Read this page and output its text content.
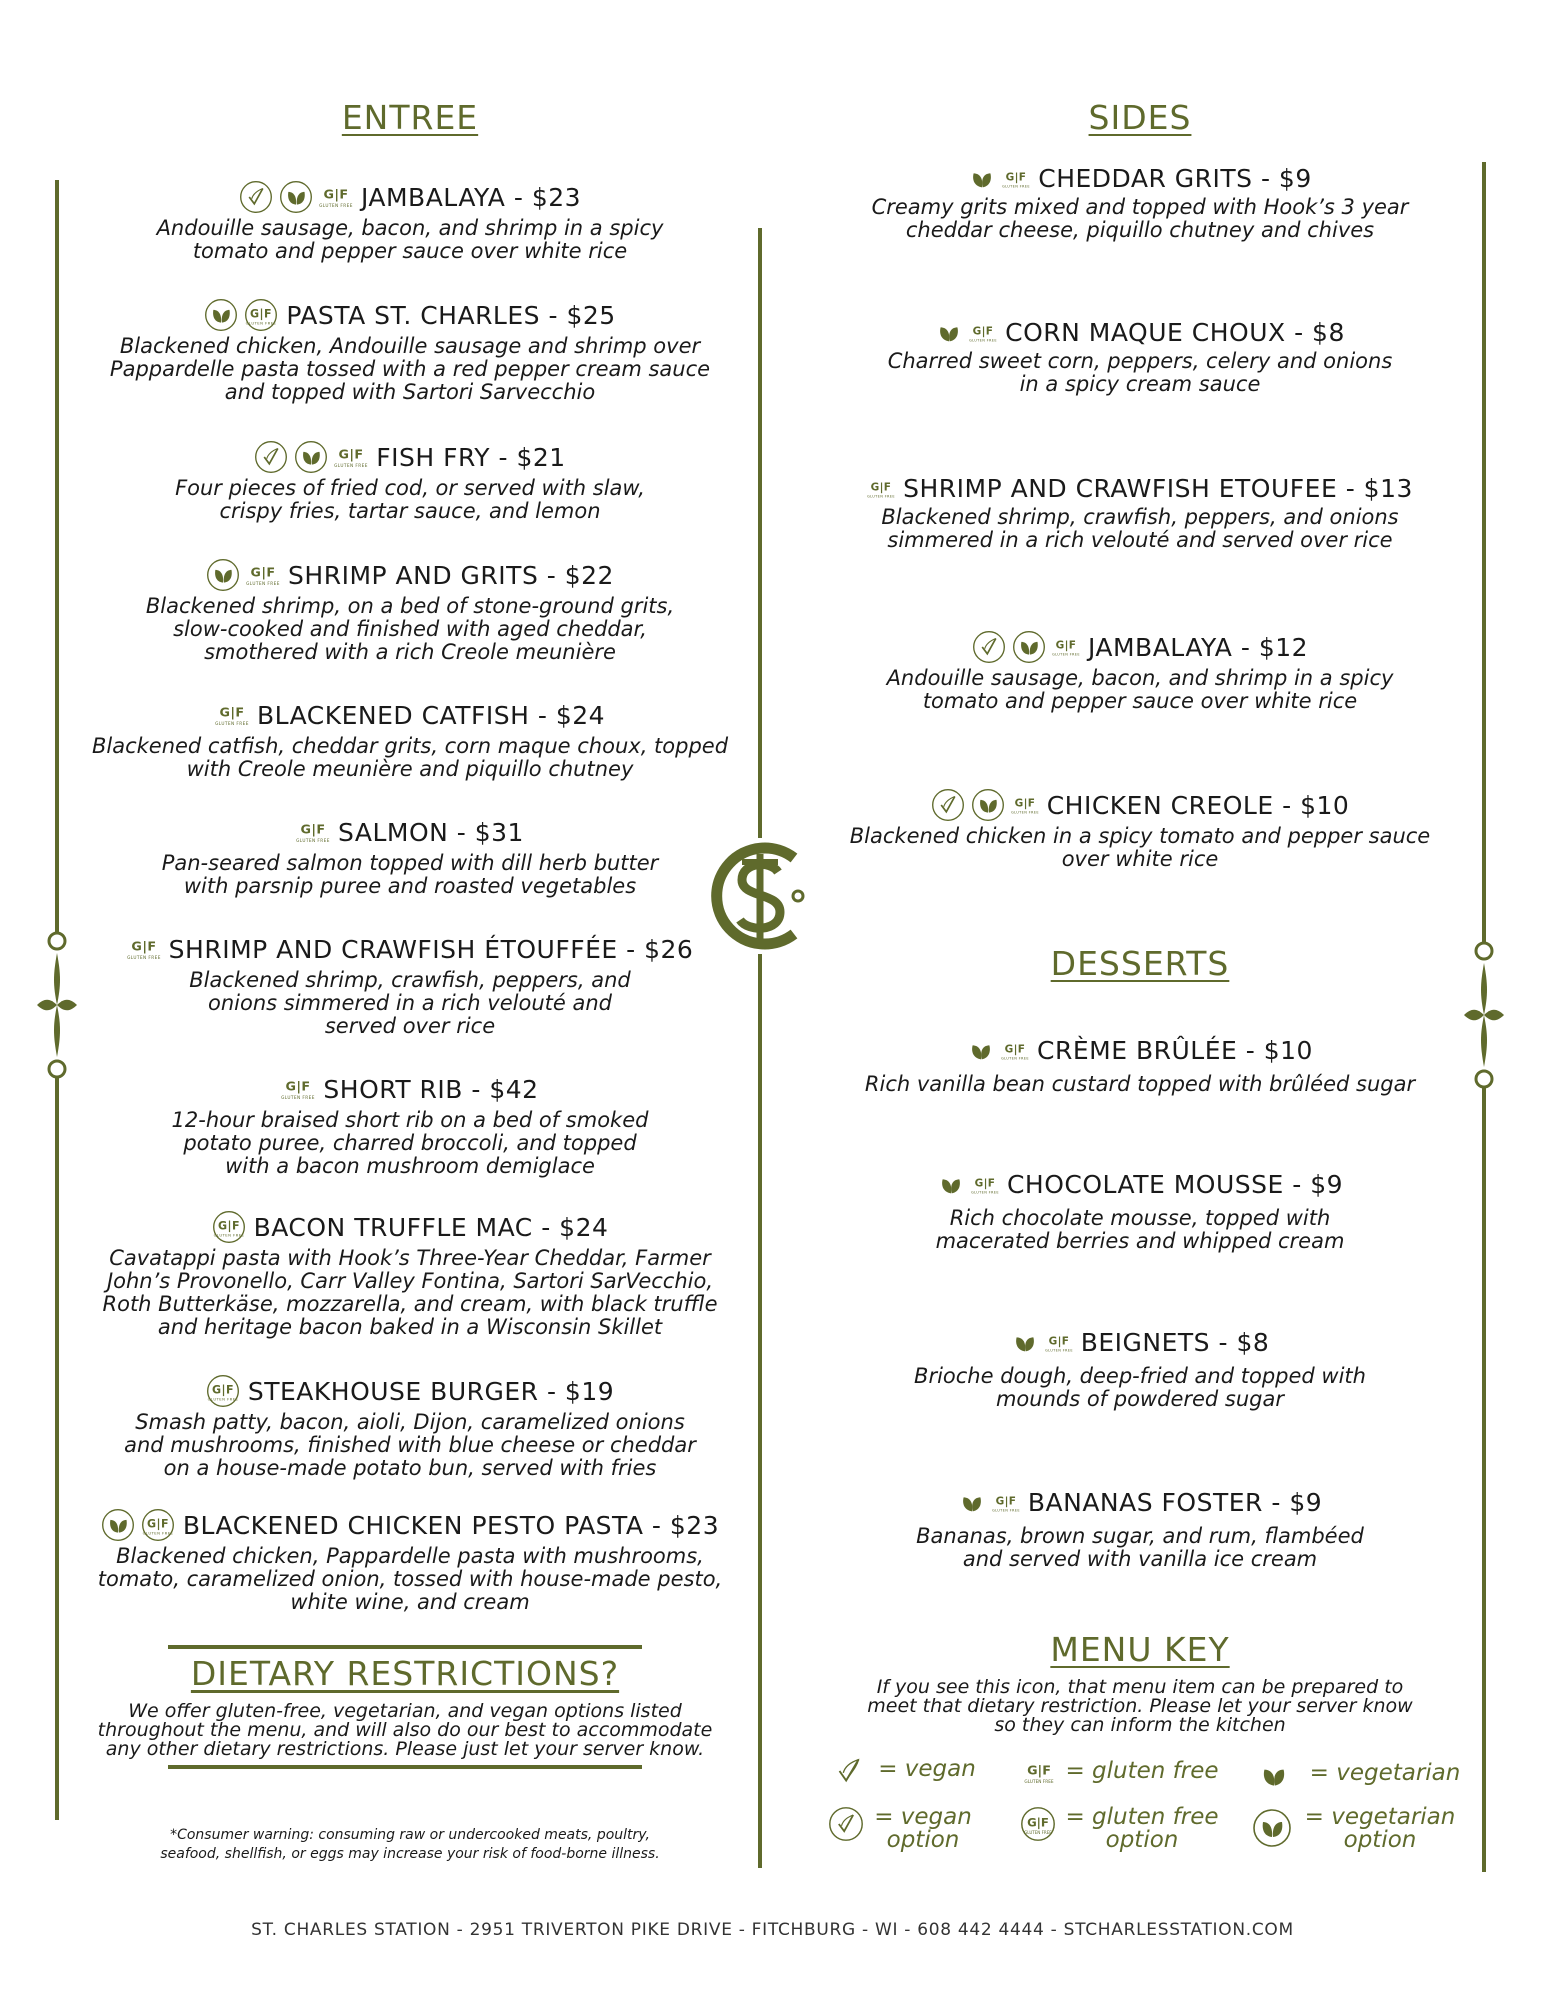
ENTREE
JAMBALAYA - $23
Andouille sausage, bacon, and shrimp in a spicy
tomato and pepper sauce over white rice
PASTA ST. CHARLES - $25
Blackened chicken, Andouille sausage and shrimp over
Pappardelle pasta tossed with a red pepper cream sauce
and topped with Sartori Sarvecchio
FISH FRY - $21
Four pieces of fried cod, or served with slaw,
crispy fries, tartar sauce, and lemon
SHRIMP AND GRITS - $22
Blackened shrimp, on a bed of stone-ground grits,
slow-cooked and finished with aged cheddar,
smothered with a rich Creole meunière
BLACKENED CATFISH - $24
Blackened catfish, cheddar grits, corn maque choux, topped
with Creole meunière and piquillo chutney
SALMON - $31
Pan-seared salmon topped with dill herb butter
with parsnip puree and roasted vegetables
SHRIMP AND CRAWFISH ÉTOUFFÉE - $26
Blackened shrimp, crawfish, peppers, and
onions simmered in a rich velouté and
served over rice
SHORT RIB - $42
12-hour braised short rib on a bed of smoked
potato puree, charred broccoli, and topped
with a bacon mushroom demiglace
BACON TRUFFLE MAC - $24
Cavatappi pasta with Hook’s Three-Year Cheddar, Farmer
John’s Provonello, Carr Valley Fontina, Sartori SarVecchio,
Roth Butterkäse, mozzarella, and cream, with black truffle
and heritage bacon baked in a Wisconsin Skillet
STEAKHOUSE BURGER - $19
Smash patty, bacon, aioli, Dijon, caramelized onions
and mushrooms, finished with blue cheese or cheddar
on a house-made potato bun, served with fries
BLACKENED CHICKEN PESTO PASTA - $23
Blackened chicken, Pappardelle pasta with mushrooms,
tomato, caramelized onion, tossed with house-made pesto,
white wine, and cream
DIETARY RESTRICTIONS?
We offer gluten-free, vegetarian, and vegan options listed
throughout the menu, and will also do our best to accommodate
any other dietary restrictions. Please just let your server know.
*Consumer warning: consuming raw or undercooked meats, poultry,
seafood, shellfish, or eggs may increase your risk of food-borne illness.
SIDES
CHEDDAR GRITS - $9
Creamy grits mixed and topped with Hook’s 3 year
cheddar cheese, piquillo chutney and chives
CORN MAQUE CHOUX - $8
Charred sweet corn, peppers, celery and onions
in a spicy cream sauce
SHRIMP AND CRAWFISH ETOUFEE - $13
Blackened shrimp, crawfish, peppers, and onions
simmered in a rich velouté and served over rice
JAMBALAYA - $12
Andouille sausage, bacon, and shrimp in a spicy
tomato and pepper sauce over white rice
CHICKEN CREOLE - $10
Blackened chicken in a spicy tomato and pepper sauce
over white rice
DESSERTS
CRÈME BRÛLÉE - $10
Rich vanilla bean custard topped with brûléed sugar
CHOCOLATE MOUSSE - $9
Rich chocolate mousse, topped with
macerated berries and whipped cream
BEIGNETS - $8
Brioche dough, deep-fried and topped with
mounds of powdered sugar
BANANAS FOSTER - $9
Bananas, brown sugar, and rum, flambéed
and served with vanilla ice cream
MENU KEY
If you see this icon, that menu item can be prepared to
meet that dietary restriction. Please let your server know
so they can inform the kitchen
= vegan	= gluten free	= vegetarian
= vegan
option
= gluten free
option
= vegetarian
option
ST. CHARLES STATION - 2951 TRIVERTON PIKE DRIVE - FITCHBURG - WI - 608 442 4444 - STCHARLESSTATION.COM
